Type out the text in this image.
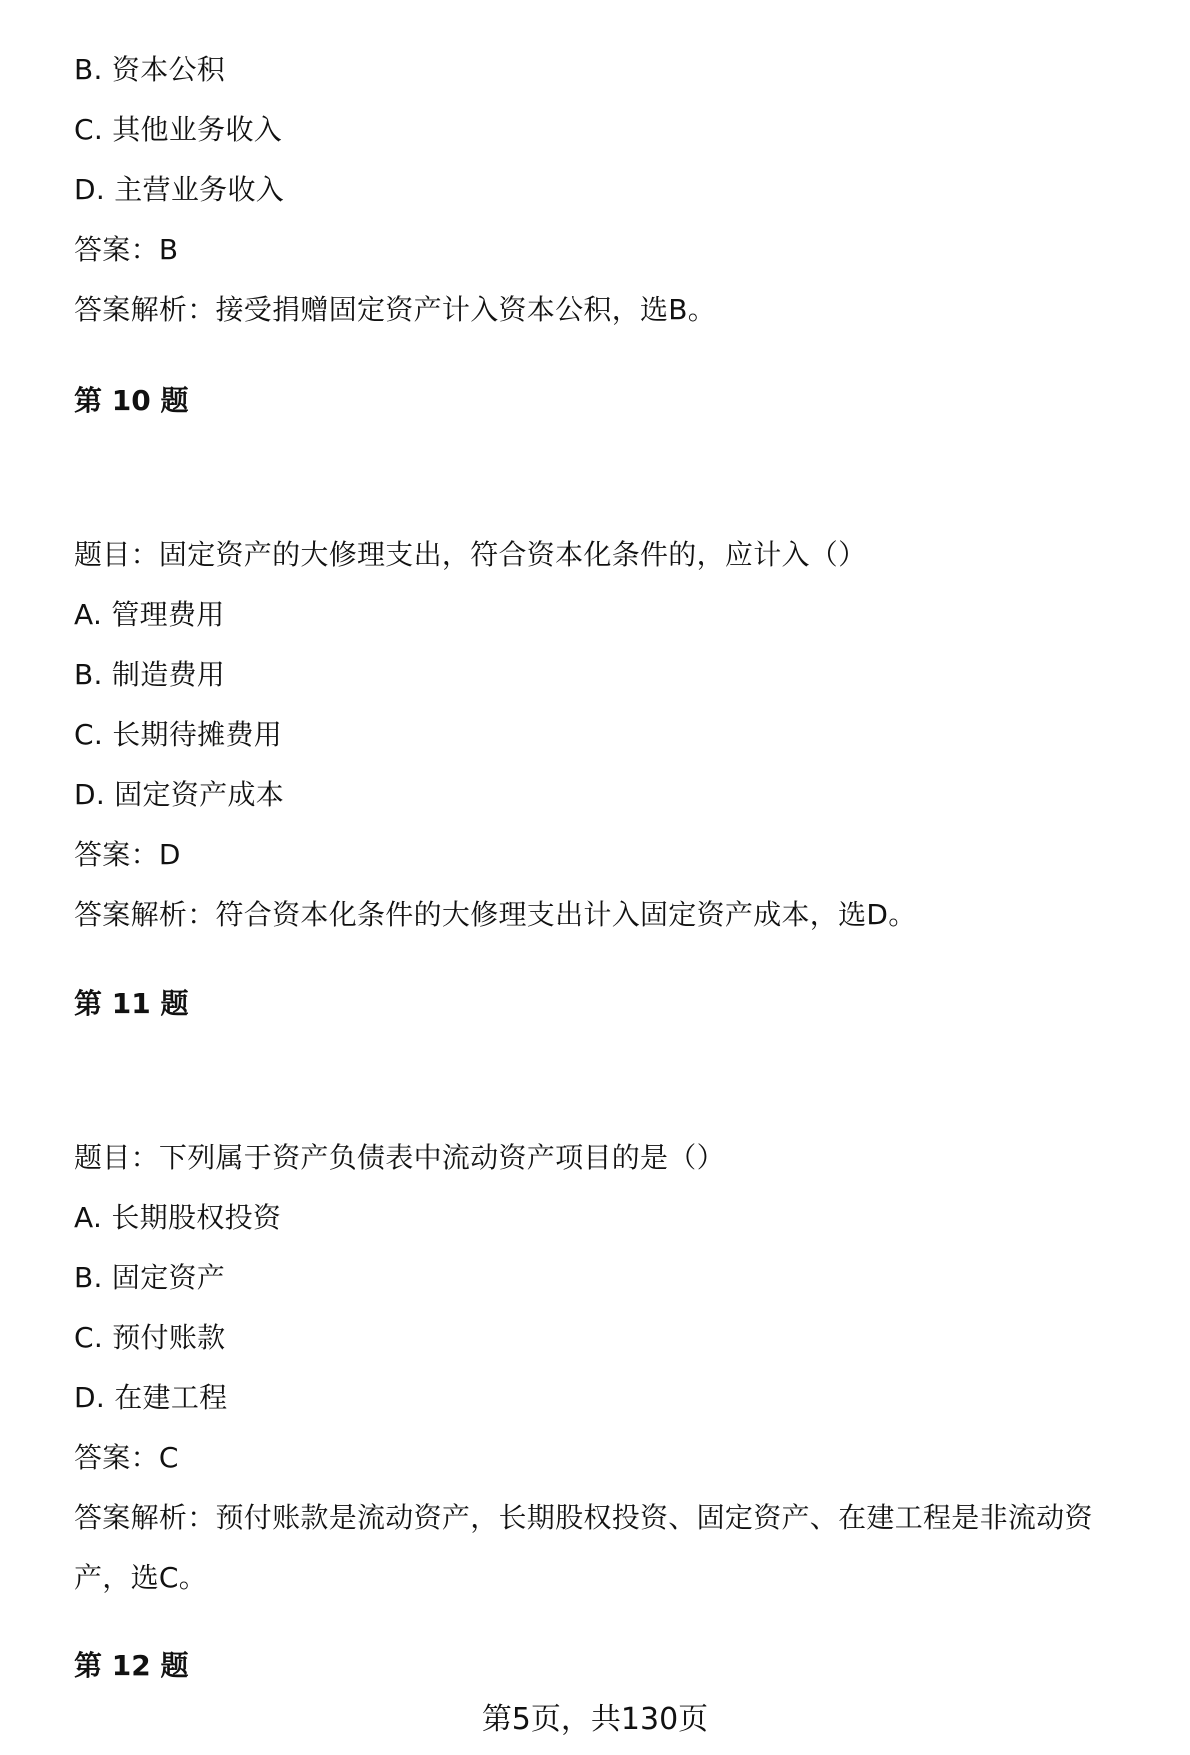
B. 资本公积
C. 其他业务收入
D. 主营业务收入
答案：B
答案解析：接受捐赠固定资产计入资本公积，选B。
第 10 题
题目：固定资产的大修理支出，符合资本化条件的，应计入（）
A. 管理费用
B. 制造费用
C. 长期待摊费用
D. 固定资产成本
答案：D
答案解析：符合资本化条件的大修理支出计入固定资产成本，选D。
第 11 题
题目：下列属于资产负债表中流动资产项目的是（）
A. 长期股权投资
B. 固定资产
C. 预付账款
D. 在建工程
答案：C
答案解析：预付账款是流动资产，长期股权投资、固定资产、在建工程是非流动资
产，选C。
第 12 题
第5页，共130页
